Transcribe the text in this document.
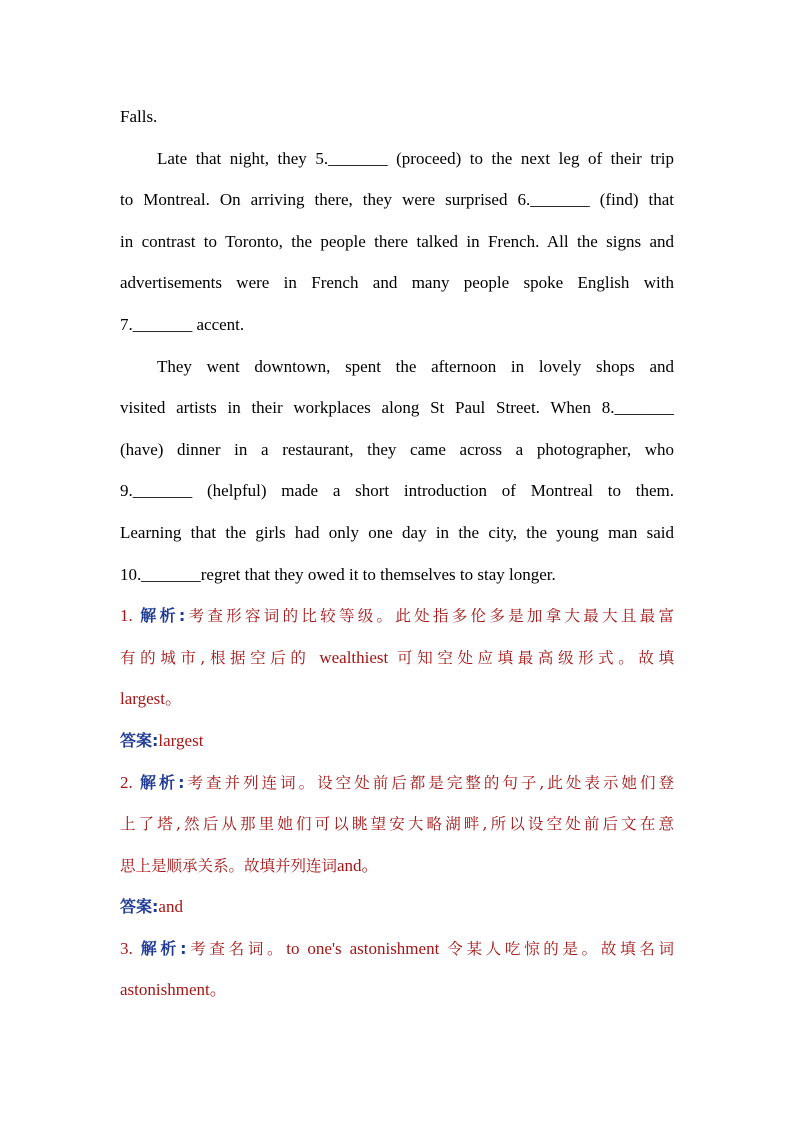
Falls.
Late that night, they 5._______ (proceed) to the next leg of their trip
to Montreal. On arriving there, they were surprised 6._______ (find) that
in contrast to Toronto, the people there talked in French. All the signs and
advertisements were in French and many people spoke English with
7._______ accent.
They went downtown, spent the afternoon in lovely shops and
visited artists in their workplaces along St Paul Street. When 8._______
(have) dinner in a restaurant, they came across a photographer, who
9._______ (helpful) made a short introduction of Montreal to them.
Learning that the girls had only one day in the city, the young man said
10._______regret that they owed it to themselves to stay longer.
1. 解析:考查形容词的比较等级。此处指多伦多是加拿大最大且最富
有的城市,根据空后的 wealthiest 可知空处应填最高级形式。故填
largest。
答案:largest
2. 解析:考查并列连词。设空处前后都是完整的句子,此处表示她们登
上了塔,然后从那里她们可以眺望安大略湖畔,所以设空处前后文在意
思上是顺承关系。故填并列连词and。
答案:and
3. 解析:考查名词。to one's astonishment 令某人吃惊的是。故填名词
astonishment。
